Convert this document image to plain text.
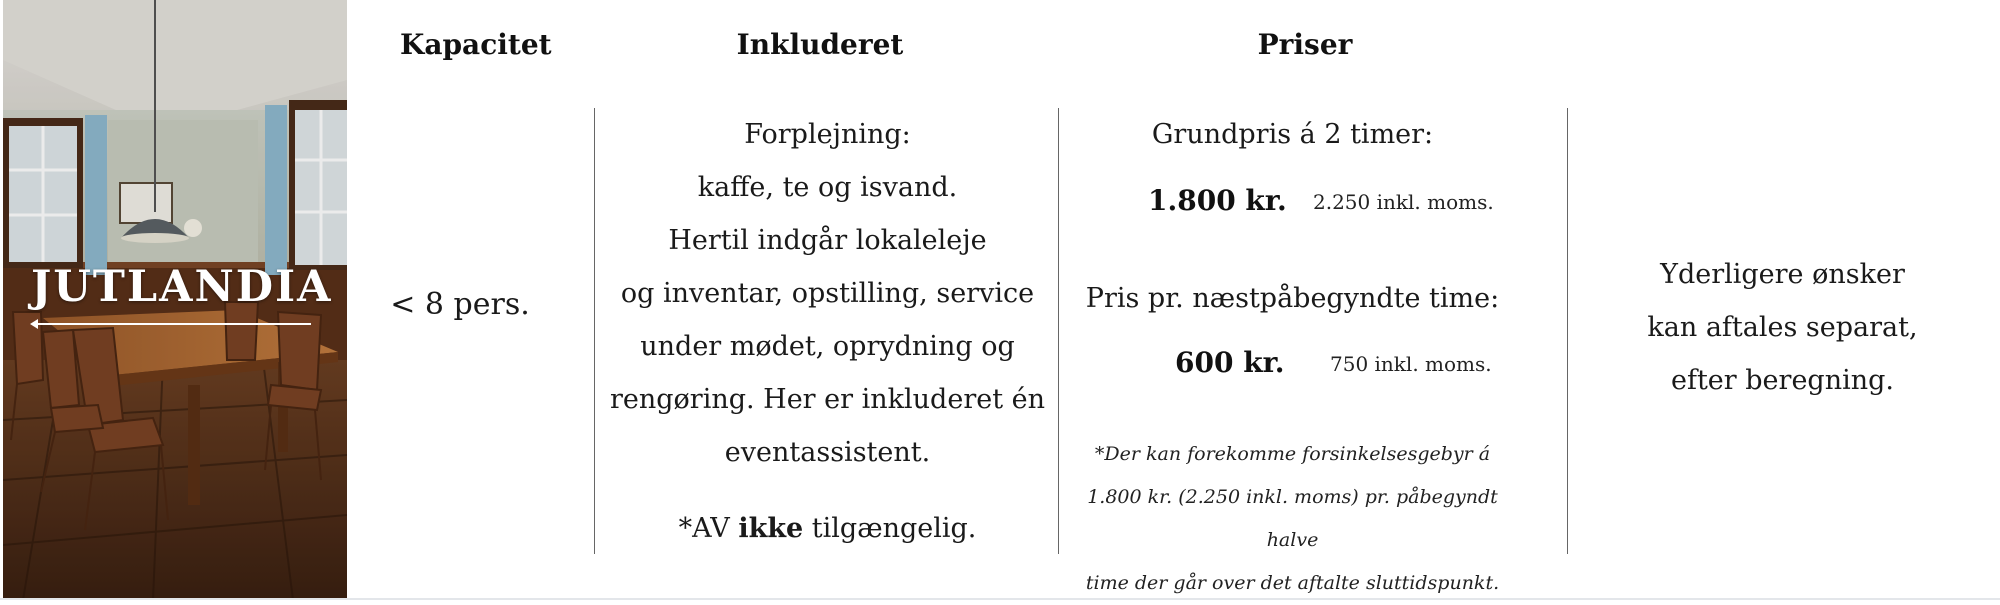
JUTLANDIA
Kapacitet	Inkluderet	Priser
< 8 pers.
Forplejning:
kaffe, te og isvand.
Hertil indgår lokaleleje
og inventar, opstilling, service
under mødet, oprydning og
rengøring. Her er inkluderet én
eventassistent.
*AV ikke tilgængelig.
Grundpris á 2 timer:
1.800 kr. 2.250 inkl. moms.
Pris pr. næstpåbegyndte time:
600 kr. 750 inkl. moms.
*Der kan forekomme forsinkelsesgebyr á
1.800 kr. (2.250 inkl. moms) pr. påbegyndt halve
time der går over det aftalte sluttidspunkt.
Yderligere ønsker
kan aftales separat,
efter beregning.
